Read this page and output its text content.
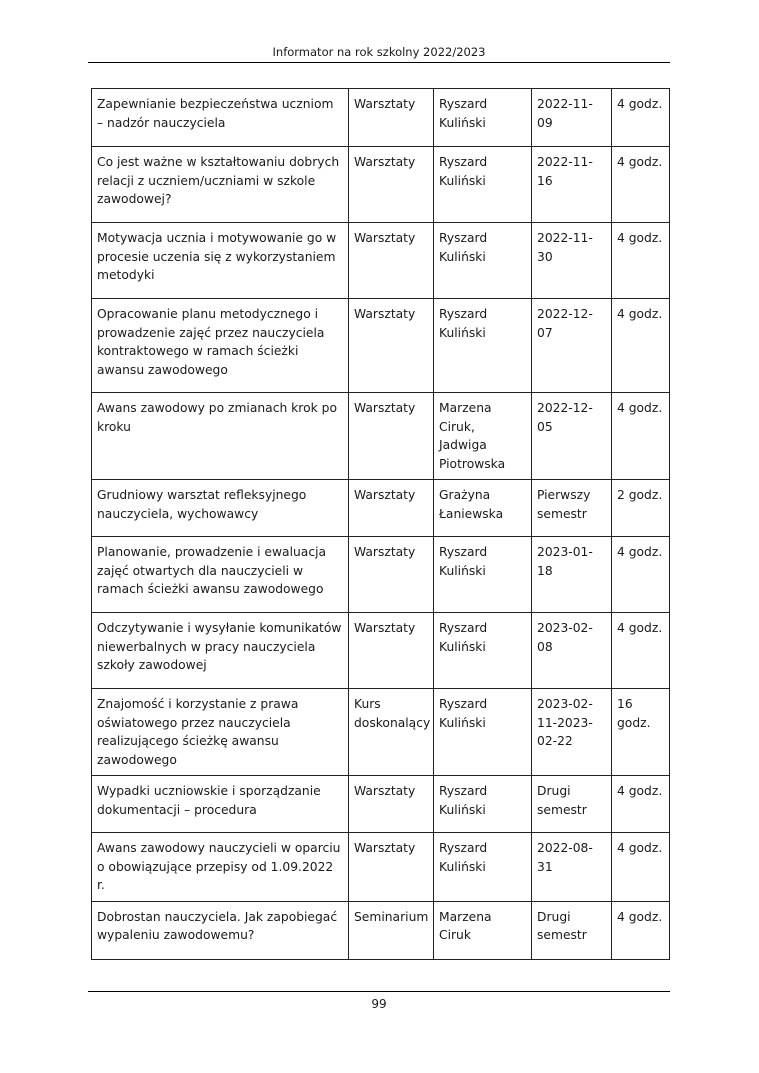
Informator na rok szkolny 2022/2023
Zapewnianie bezpieczeństwa uczniom – nadzór nauczyciela	Warsztaty	Ryszard Kuliński	2022-11-09	4 godz.
Co jest ważne w kształtowaniu dobrych relacji z uczniem/uczniami w szkole zawodowej?	Warsztaty	Ryszard Kuliński	2022-11-16	4 godz.
Motywacja ucznia i motywowanie go w procesie uczenia się z wykorzystaniem metodyki	Warsztaty	Ryszard Kuliński	2022-11-30	4 godz.
Opracowanie planu metodycznego i prowadzenie zajęć przez nauczyciela kontraktowego w ramach ścieżki awansu zawodowego	Warsztaty	Ryszard Kuliński	2022-12-07	4 godz.
Awans zawodowy po zmianach krok po kroku	Warsztaty	Marzena Ciruk, Jadwiga Piotrowska	2022-12-05	4 godz.
Grudniowy warsztat refleksyjnego nauczyciela, wychowawcy	Warsztaty	Grażyna Łaniewska	Pierwszy semestr	2 godz.
Planowanie, prowadzenie i ewaluacja zajęć otwartych dla nauczycieli w ramach ścieżki awansu zawodowego	Warsztaty	Ryszard Kuliński	2023-01-18	4 godz.
Odczytywanie i wysyłanie komunikatów niewerbalnych w pracy nauczyciela szkoły zawodowej	Warsztaty	Ryszard Kuliński	2023-02-08	4 godz.
Znajomość i korzystanie z prawa oświatowego przez nauczyciela realizującego ścieżkę awansu zawodowego	Kurs doskonalący	Ryszard Kuliński	2023-02-11-2023-02-22	16 godz.
Wypadki uczniowskie i sporządzanie dokumentacji – procedura	Warsztaty	Ryszard Kuliński	Drugi semestr	4 godz.
Awans zawodowy nauczycieli w oparciu o obowiązujące przepisy od 1.09.2022 r.	Warsztaty	Ryszard Kuliński	2022-08-31	4 godz.
Dobrostan nauczyciela. Jak zapobiegać wypaleniu zawodowemu?	Seminarium	Marzena Ciruk	Drugi semestr	4 godz.
99
